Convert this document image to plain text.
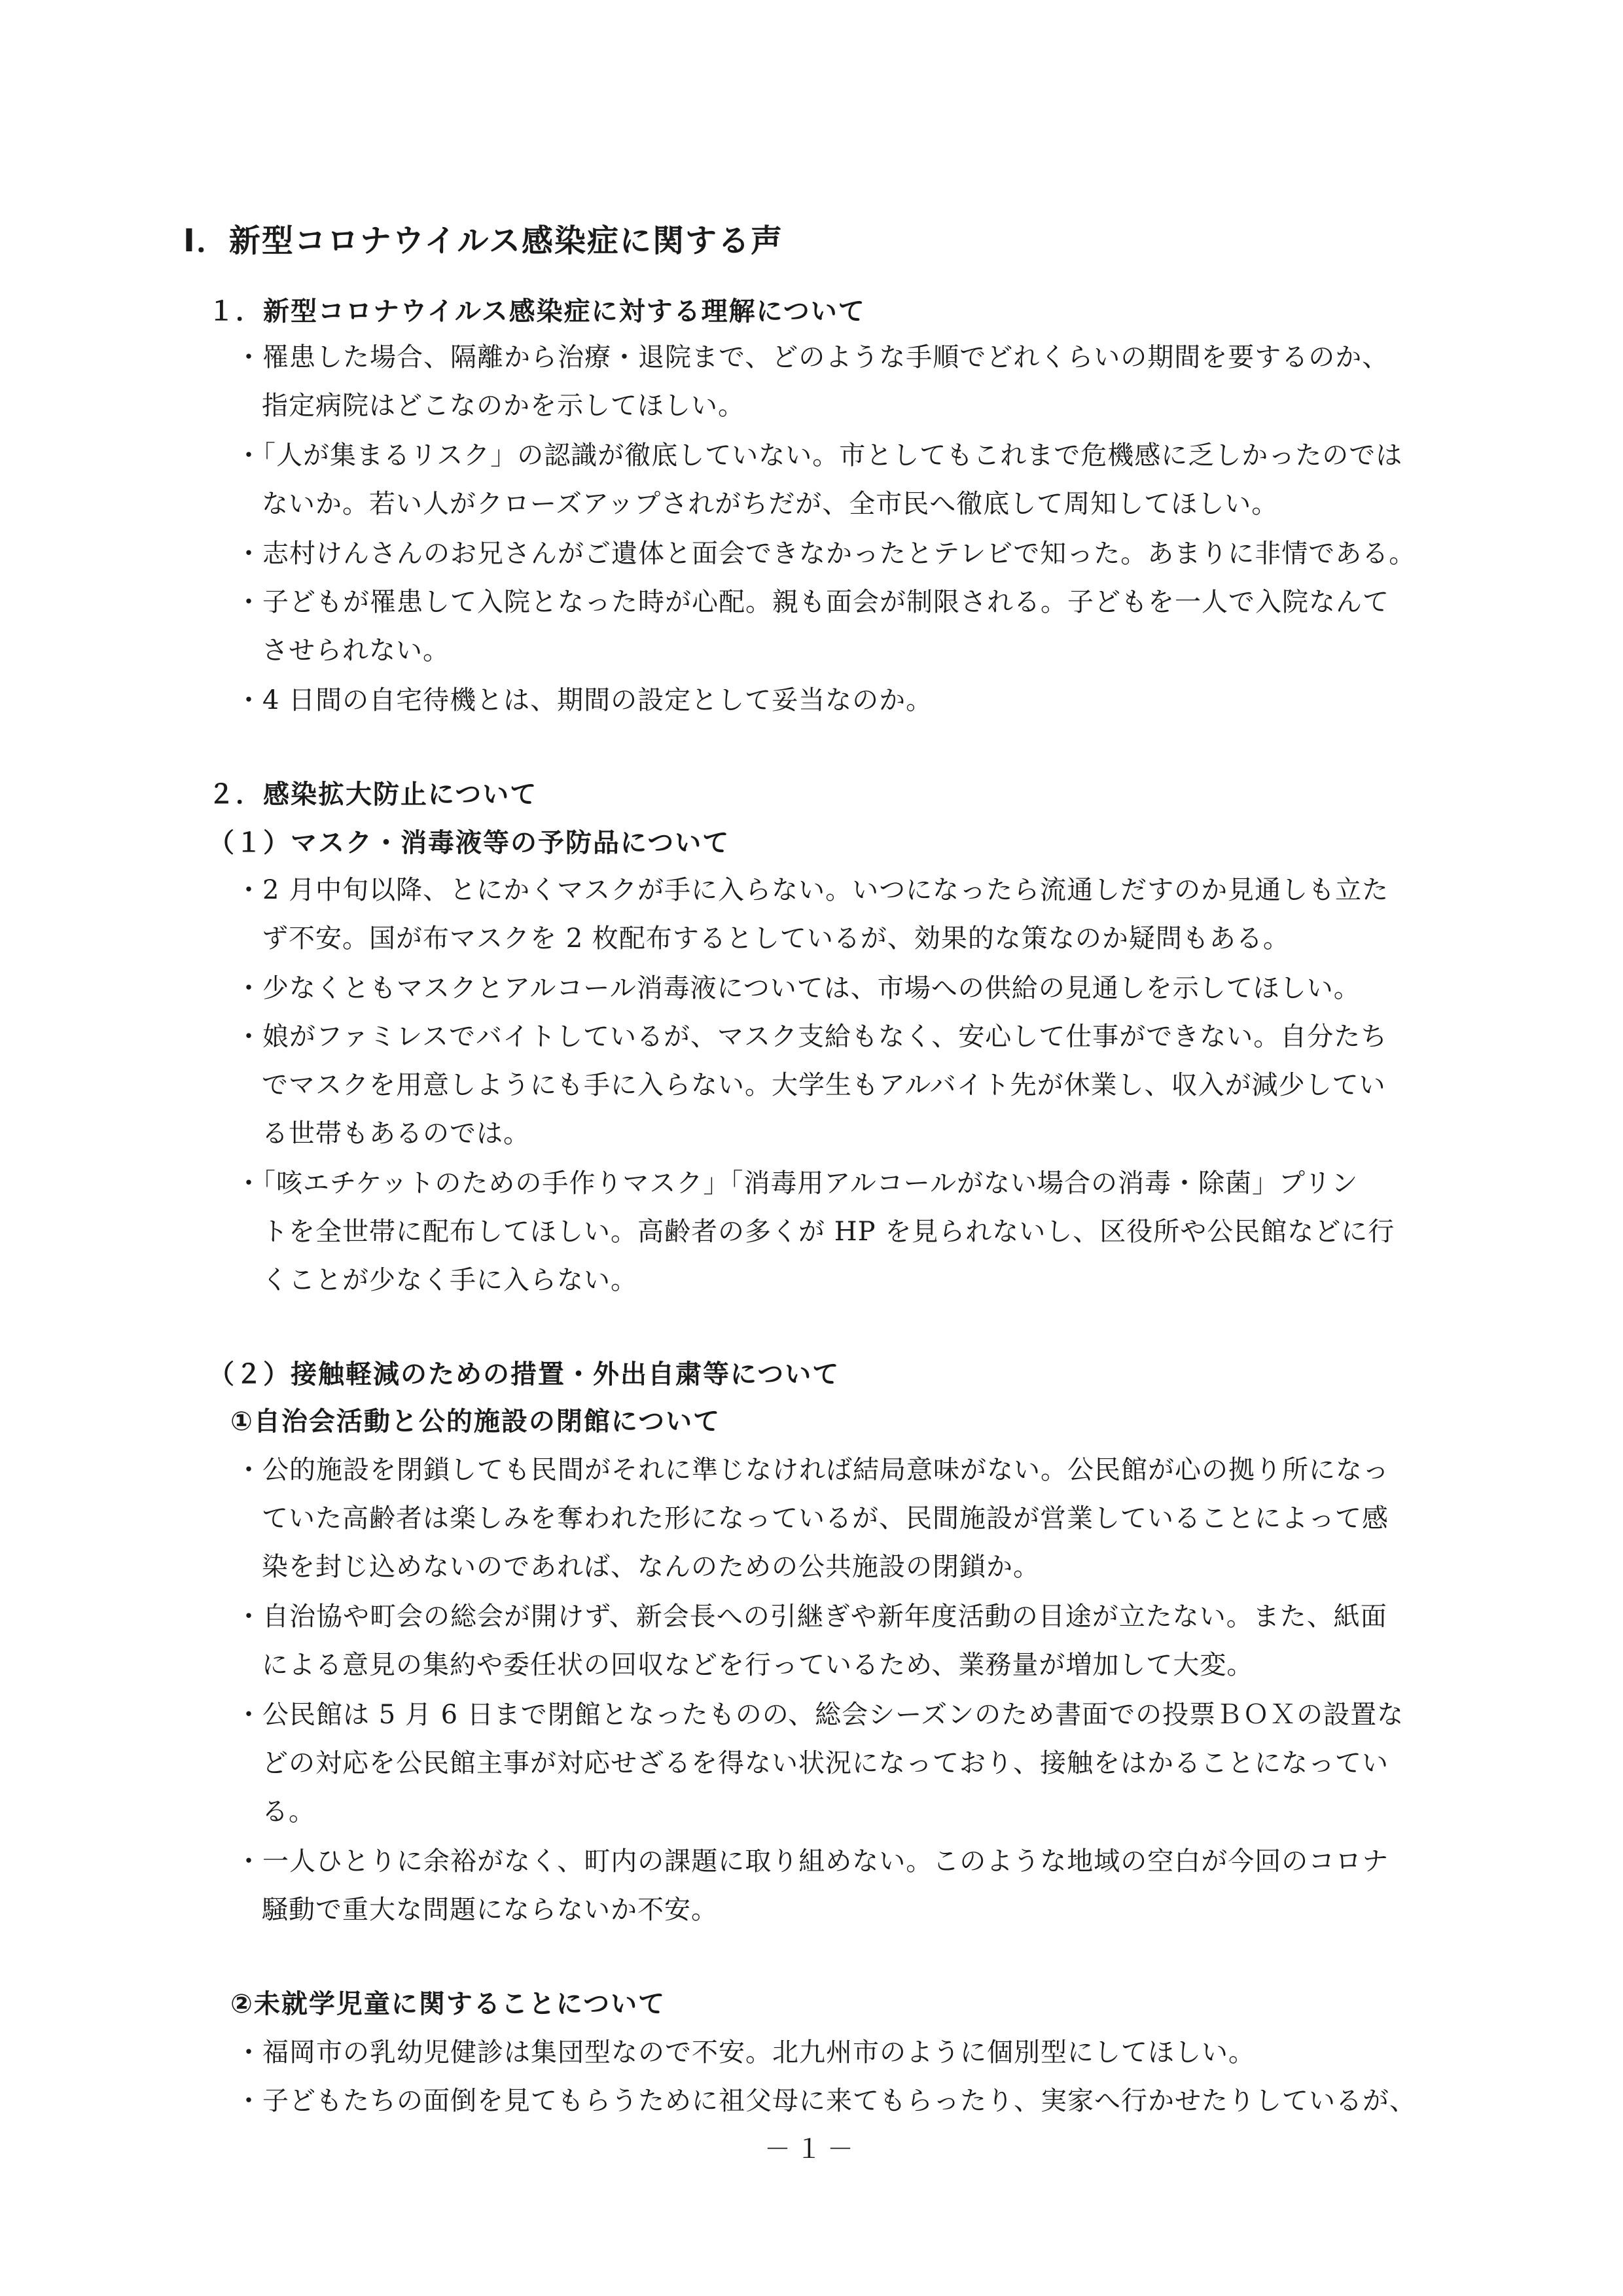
Ⅰ．新型コロナウイルス感染症に関する声
１．新型コロナウイルス感染症に対する理解について
・罹患した場合、隔離から治療・退院まで、どのような手順でどれくらいの期間を要するのか、
指定病院はどこなのかを示してほしい。
・「人が集まるリスク」の認識が徹底していない。市としてもこれまで危機感に乏しかったのでは
ないか。若い人がクローズアップされがちだが、全市民へ徹底して周知してほしい。
・志村けんさんのお兄さんがご遺体と面会できなかったとテレビで知った。あまりに非情である。
・子どもが罹患して入院となった時が心配。親も面会が制限される。子どもを一人で入院なんて
させられない。
・4 日間の自宅待機とは、期間の設定として妥当なのか。
２．感染拡大防止について
（１）マスク・消毒液等の予防品について
・2 月中旬以降、とにかくマスクが手に入らない。いつになったら流通しだすのか見通しも立た
ず不安。国が布マスクを 2 枚配布するとしているが、効果的な策なのか疑問もある。
・少なくともマスクとアルコール消毒液については、市場への供給の見通しを示してほしい。
・娘がファミレスでバイトしているが、マスク支給もなく、安心して仕事ができない。自分たち
でマスクを用意しようにも手に入らない。大学生もアルバイト先が休業し、収入が減少してい
る世帯もあるのでは。
・「咳エチケットのための手作りマスク」「消毒用アルコールがない場合の消毒・除菌」プリン
トを全世帯に配布してほしい。高齢者の多くが HP を見られないし、区役所や公民館などに行
くことが少なく手に入らない。
（２）接触軽減のための措置・外出自粛等について
①自治会活動と公的施設の閉館について
・公的施設を閉鎖しても民間がそれに準じなければ結局意味がない。公民館が心の拠り所になっ
ていた高齢者は楽しみを奪われた形になっているが、民間施設が営業していることによって感
染を封じ込めないのであれば、なんのための公共施設の閉鎖か。
・自治協や町会の総会が開けず、新会長への引継ぎや新年度活動の目途が立たない。また、紙面
による意見の集約や委任状の回収などを行っているため、業務量が増加して大変。
・公民館は 5 月 6 日まで閉館となったものの、総会シーズンのため書面での投票ＢＯＸの設置な
どの対応を公民館主事が対応せざるを得ない状況になっており、接触をはかることになってい
る。
・一人ひとりに余裕がなく、町内の課題に取り組めない。このような地域の空白が今回のコロナ
騒動で重大な問題にならないか不安。
②未就学児童に関することについて
・福岡市の乳幼児健診は集団型なので不安。北九州市のように個別型にしてほしい。
・子どもたちの面倒を見てもらうために祖父母に来てもらったり、実家へ行かせたりしているが、
－１－
